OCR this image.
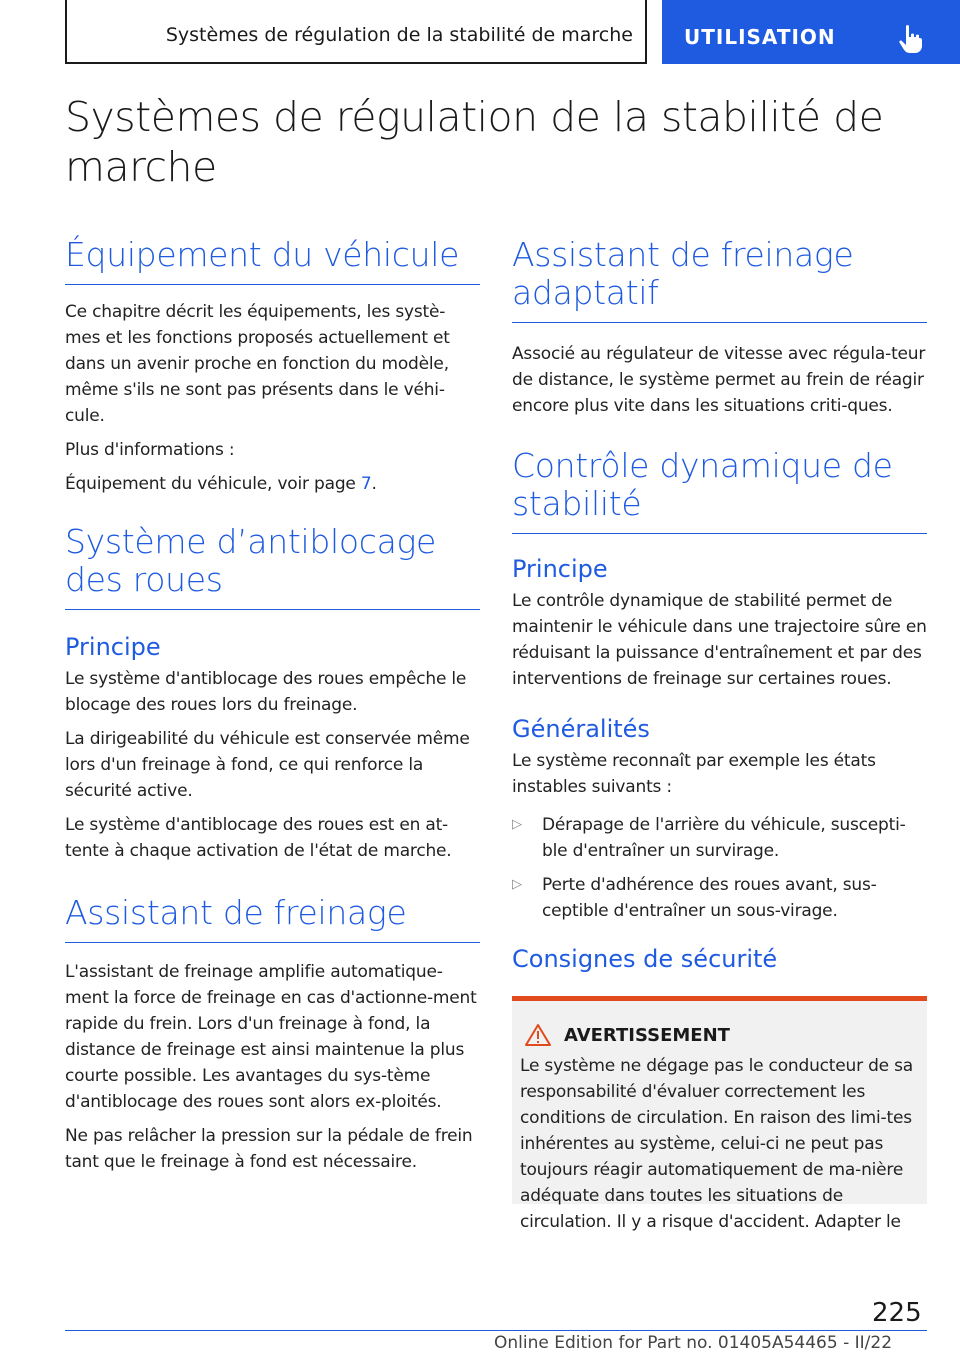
Systèmes de régulation de la stabilité de marche	UTILISATION
Systèmes de régulation de la stabilité de marche
Équipement du véhicule

Ce chapitre décrit les équipements, les systè-mes et les fonctions proposés actuellement et dans un avenir proche en fonction du modèle, même s'ils ne sont pas présents dans le véhi-cule.

Plus d'informations :

Équipement du véhicule, voir page 7.

Système d’antiblocage des roues
Principe

Le système d'antiblocage des roues empêche le blocage des roues lors du freinage.

La dirigeabilité du véhicule est conservée même lors d'un freinage à fond, ce qui renforce la sécurité active.

Le système d'antiblocage des roues est en at-tente à chaque activation de l'état de marche.

Assistant de freinage

L'assistant de freinage amplifie automatique-ment la force de freinage en cas d'actionne-ment rapide du frein. Lors d'un freinage à fond, la distance de freinage est ainsi maintenue la plus courte possible. Les avantages du sys-tème d'antiblocage des roues sont alors ex-ploités.

Ne pas relâcher la pression sur la pédale de frein tant que le freinage à fond est nécessaire.

Assistant de freinage adaptatif

Associé au régulateur de vitesse avec régula-teur de distance, le système permet au frein de réagir encore plus vite dans les situations criti-ques.

Contrôle dynamique de stabilité
Principe

Le contrôle dynamique de stabilité permet de maintenir le véhicule dans une trajectoire sûre en réduisant la puissance d'entraînement et par des interventions de freinage sur certaines roues.

Généralités

Le système reconnaît par exemple les états instables suivants :

▷ Dérapage de l'arrière du véhicule, suscepti-ble d'entraîner un survirage.
▷ Perte d'adhérence des roues avant, sus-ceptible d'entraîner un sous-virage.
Consignes de sécurité
AVERTISSEMENT

Le système ne dégage pas le conducteur de sa responsabilité d'évaluer correctement les conditions de circulation. En raison des limi-tes inhérentes au système, celui-ci ne peut pas toujours réagir automatiquement de ma-nière adéquate dans toutes les situations de circulation. Il y a risque d'accident. Adapter le

225
Online Edition for Part no. 01405A54465 - II/22
